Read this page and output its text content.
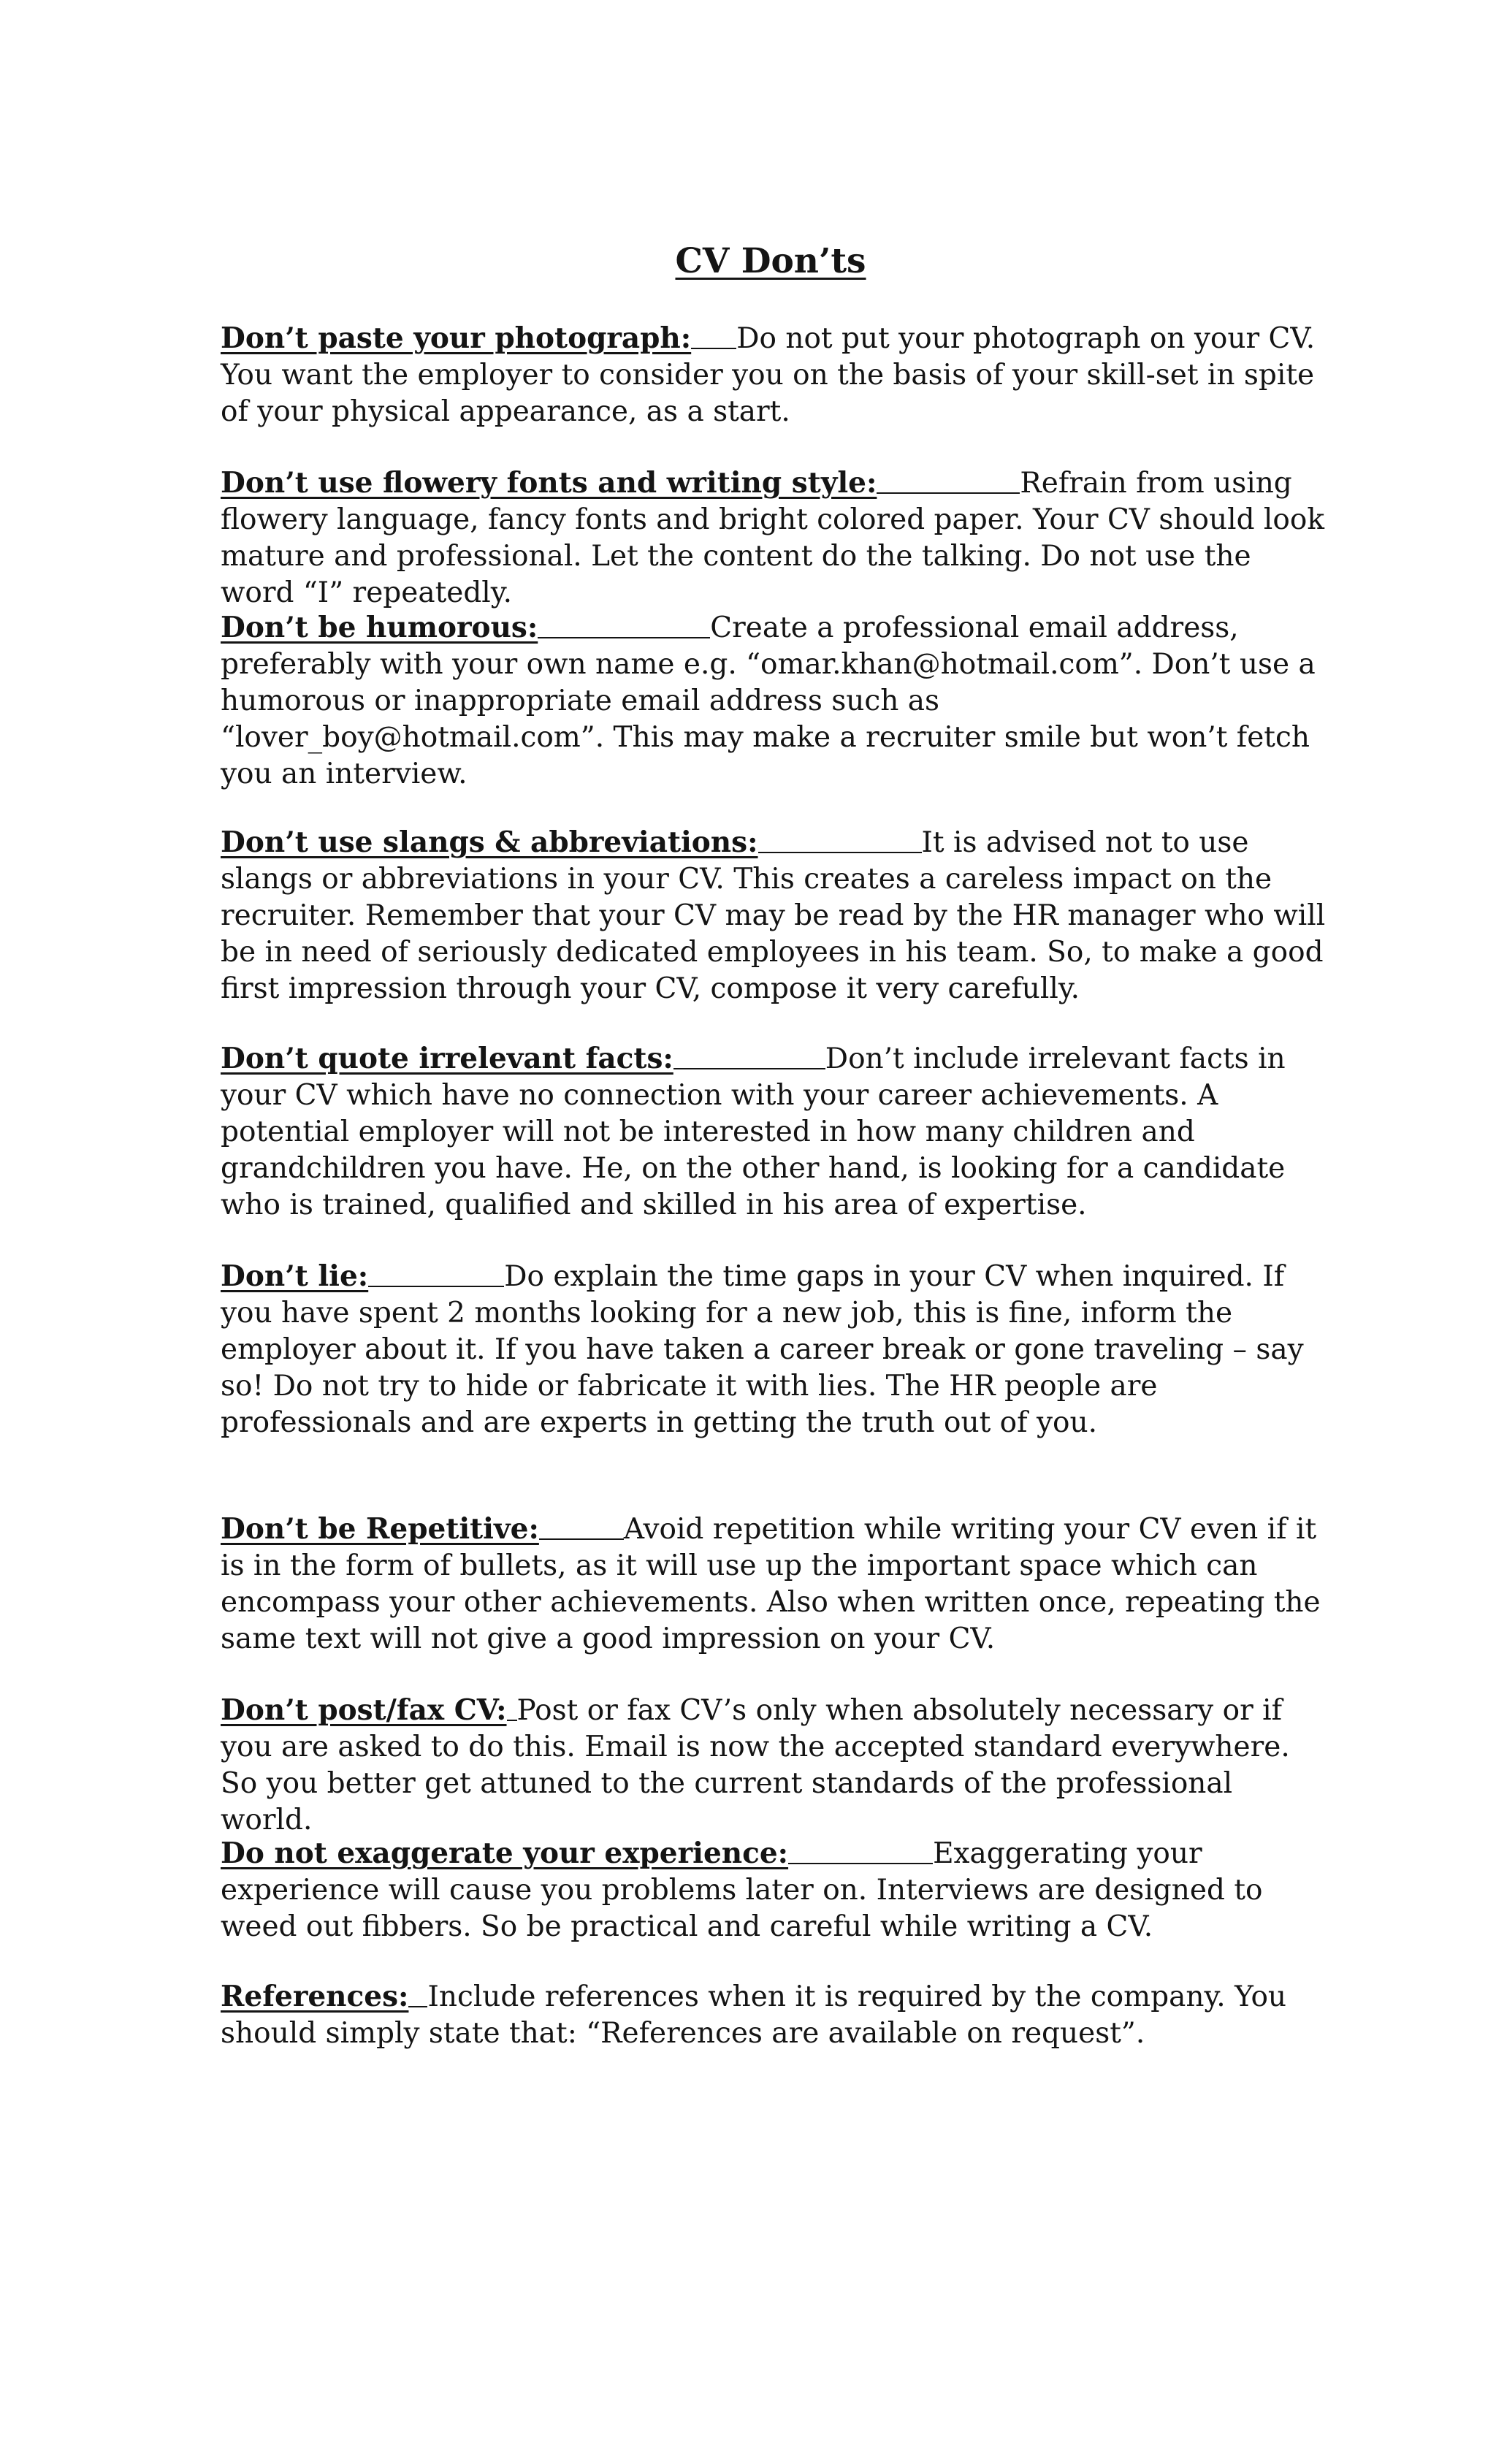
CV Don’ts

Don’t paste your photograph: Do not put your photograph on your CV. You want the employer to consider you on the basis of your skill-set in spite of your physical appearance, as a start.

Don’t use flowery fonts and writing style:	Refrain from using flowery language, fancy fonts and bright colored paper. Your CV should look mature and professional. Let the content do the talking. Do not use the word “I” repeatedly.

Don’t be humorous:	Create a professional email address, preferably with your own name e.g. “omar.khan@hotmail.com”. Don’t use a humorous or inappropriate email address such as “lover_boy@hotmail.com”. This may make a recruiter smile but won’t fetch you an interview.

Don’t use slangs & abbreviations:	It is advised not to use slangs or abbreviations in your CV. This creates a careless impact on the recruiter. Remember that your CV may be read by the HR manager who will be in need of seriously dedicated employees in his team. So, to make a good first impression through your CV, compose it very carefully.

Don’t quote irrelevant facts:	Don’t include irrelevant facts in your CV which have no connection with your career achievements. A potential employer will not be interested in how many children and grandchildren you have. He, on the other hand, is looking for a candidate who is trained, qualified and skilled in his area of expertise.

Don’t lie:	Do explain the time gaps in your CV when inquired. If you have spent 2 months looking for a new job, this is fine, inform the employer about it. If you have taken a career break or gone traveling – say so! Do not try to hide or fabricate it with lies. The HR people are professionals and are experts in getting the truth out of you.

Don’t be Repetitive:	Avoid repetition while writing your CV even if it is in the form of bullets, as it will use up the important space which can encompass your other achievements. Also when written once, repeating the same text will not give a good impression on your CV.

Don’t post/fax CV: Post or fax CV’s only when absolutely necessary or if you are asked to do this. Email is now the accepted standard everywhere. So you better get attuned to the current standards of the professional world.

Do not exaggerate your experience:	Exaggerating your experience will cause you problems later on. Interviews are designed to weed out fibbers. So be practical and careful while writing a CV.

References: Include references when it is required by the company. You should simply state that: “References are available on request”.
